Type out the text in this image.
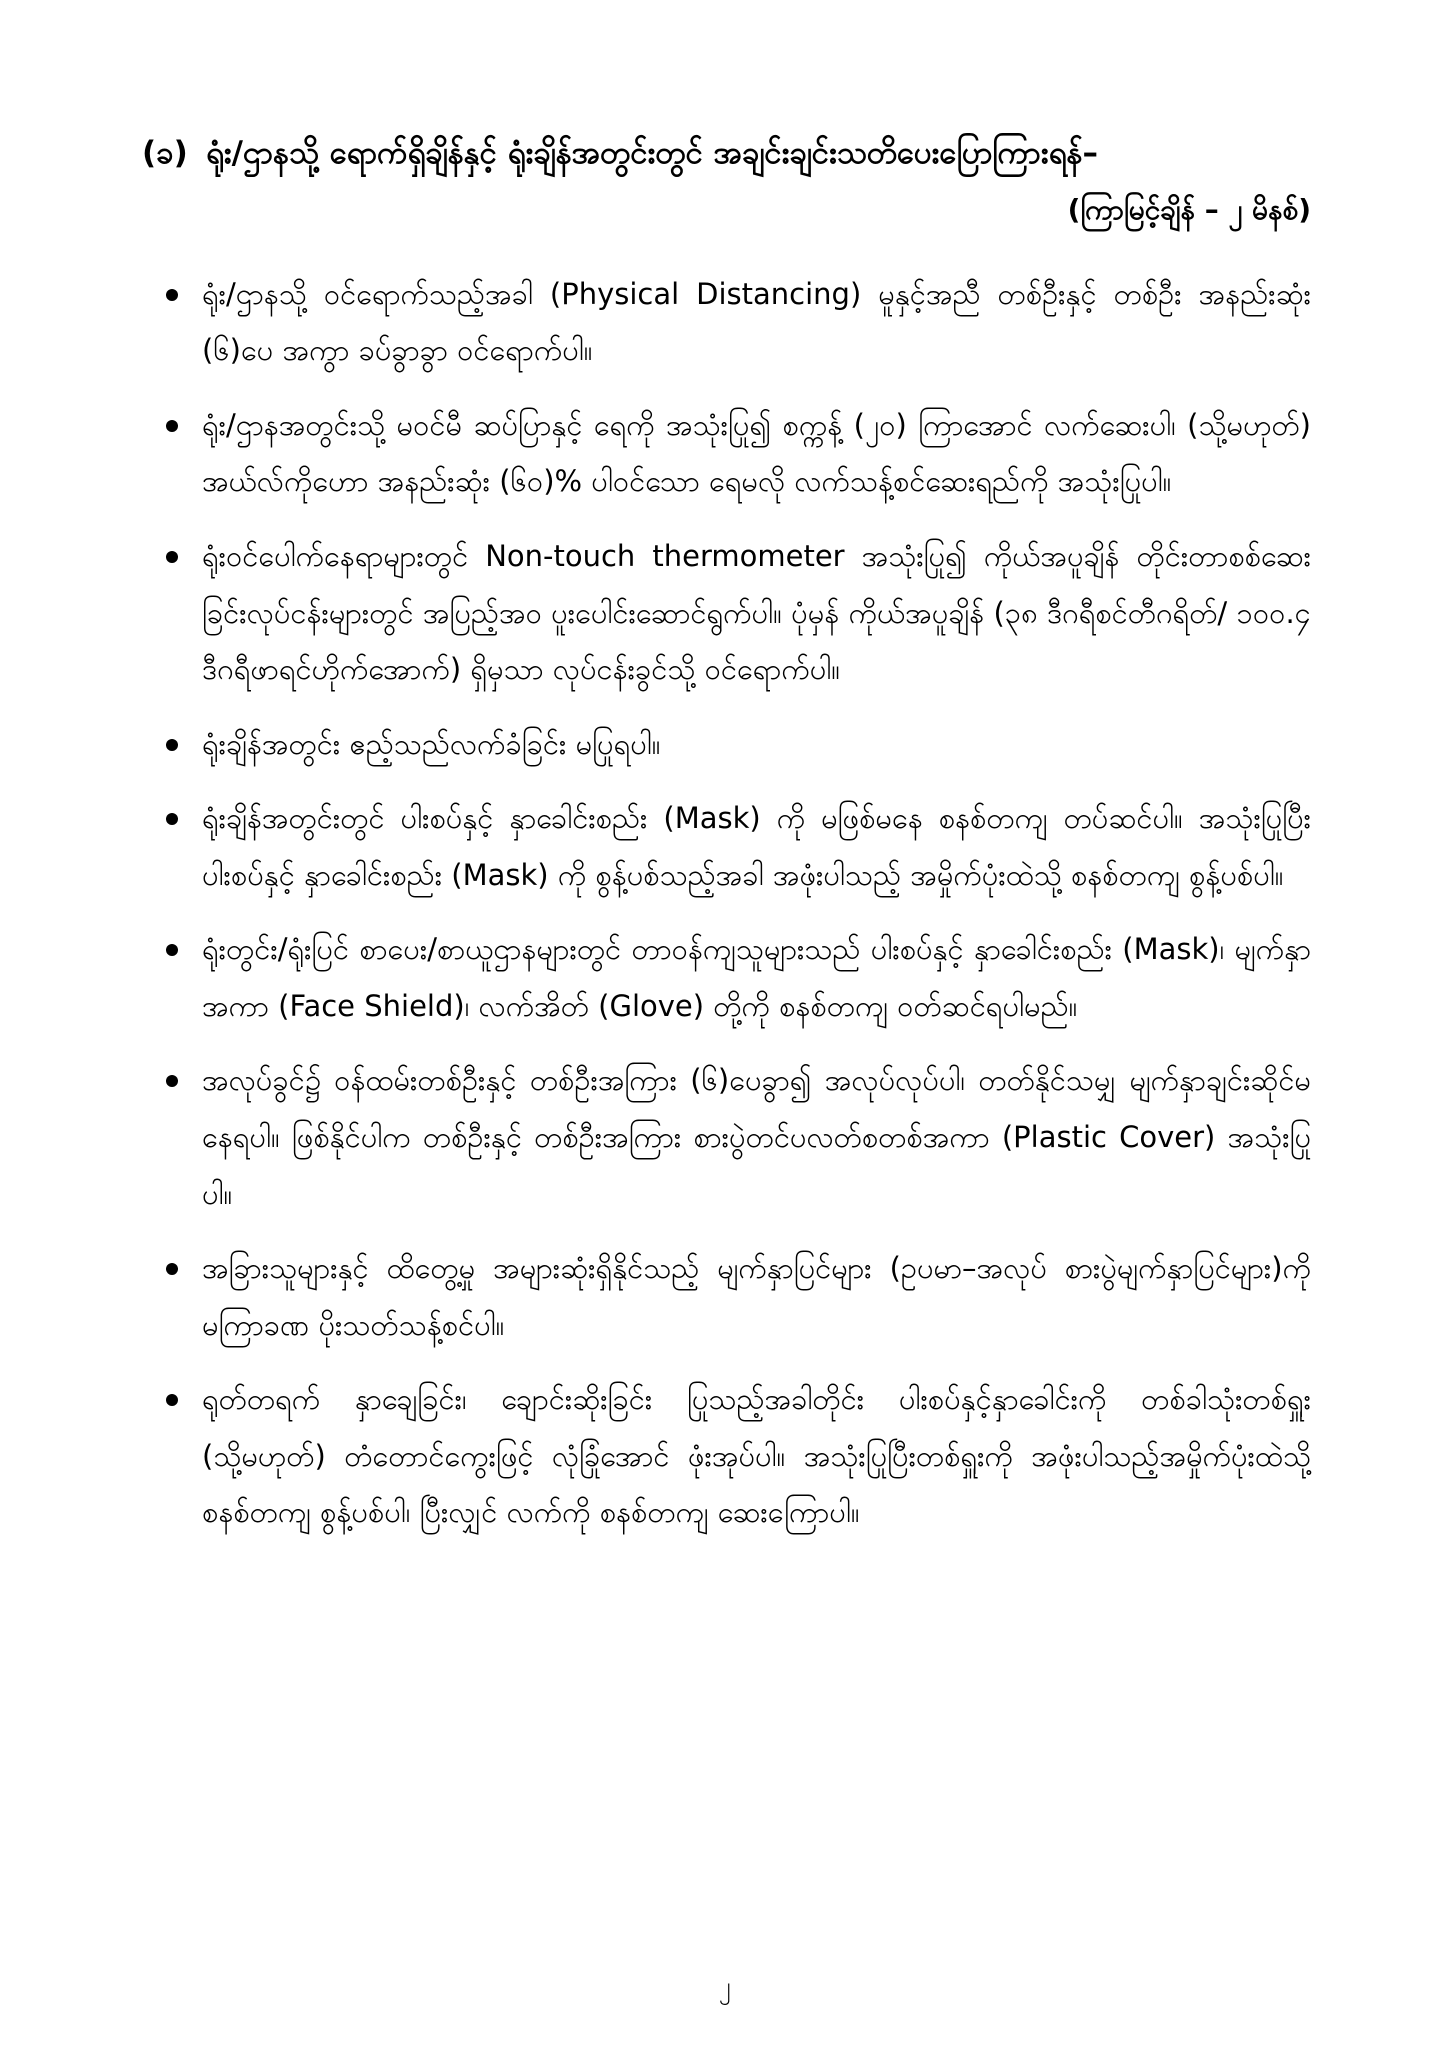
(ခ) ရုံး/ဌာနသို့ ရောက်ရှိချိန်နှင့် ရုံးချိန်အတွင်းတွင် အချင်းချင်းသတိပေးပြောကြားရန်–
(ကြာမြင့်ချိန် – ၂ မိနစ်)
ရုံး/ဌာနသို့ ဝင်ရောက်သည့်အခါ (Physical Distancing) မူနှင့်အညီ တစ်ဦးနှင့် တစ်ဦး အနည်းဆုံး (၆)ပေ အကွာ ခပ်ခွာခွာ ဝင်ရောက်ပါ။
ရုံး/ဌာနအတွင်းသို့ မဝင်မီ ဆပ်ပြာနှင့် ရေကို အသုံးပြု၍ စက္ကန့် (၂၀) ကြာအောင် လက်ဆေးပါ၊ (သို့မဟုတ်) အယ်လ်ကိုဟော အနည်းဆုံး (၆၀)% ပါဝင်သော ရေမလို လက်သန့်စင်ဆေးရည်ကို အသုံးပြုပါ။
ရုံးဝင်ပေါက်နေရာများတွင် Non-touch thermometer အသုံးပြု၍ ကိုယ်အပူချိန် တိုင်းတာစစ်ဆေးခြင်းလုပ်ငန်းများတွင် အပြည့်အဝ ပူးပေါင်းဆောင်ရွက်ပါ။ ပုံမှန် ကိုယ်အပူချိန် (၃၈ ဒီဂရီစင်တီဂရိတ်/ ၁၀၀.၄ ဒီဂရီဖာရင်ဟိုက်အောက်) ရှိမှသာ လုပ်ငန်းခွင်သို့ ဝင်ရောက်ပါ။
ရုံးချိန်အတွင်း ဧည့်သည်လက်ခံခြင်း မပြုရပါ။
ရုံးချိန်အတွင်းတွင် ပါးစပ်နှင့် နှာခေါင်းစည်း (Mask) ကို မဖြစ်မနေ စနစ်တကျ တပ်ဆင်ပါ။ အသုံးပြုပြီး ပါးစပ်နှင့် နှာခေါင်းစည်း (Mask) ကို စွန့်ပစ်သည့်အခါ အဖုံးပါသည့် အမှိုက်ပုံးထဲသို့ စနစ်တကျ စွန့်ပစ်ပါ။
ရုံးတွင်း/ရုံးပြင် စာပေး/စာယူဌာနများတွင် တာဝန်ကျသူများသည် ပါးစပ်နှင့် နှာခေါင်းစည်း (Mask)၊ မျက်နှာအကာ (Face Shield)၊ လက်အိတ် (Glove) တို့ကို စနစ်တကျ ဝတ်ဆင်ရပါမည်။
အလုပ်ခွင်၌ ဝန်ထမ်းတစ်ဦးနှင့် တစ်ဦးအကြား (၆)ပေခွာ၍ အလုပ်လုပ်ပါ၊ တတ်နိုင်သမျှ မျက်နှာချင်းဆိုင်မနေရပါ။ ဖြစ်နိုင်ပါက တစ်ဦးနှင့် တစ်ဦးအကြား စားပွဲတင်ပလတ်စတစ်အကာ (Plastic Cover) အသုံးပြုပါ။
အခြားသူများနှင့် ထိတွေ့မှု အများဆုံးရှိနိုင်သည့် မျက်နှာပြင်များ (ဥပမာ–အလုပ် စားပွဲမျက်နှာပြင်များ)ကို မကြာခဏ ပိုးသတ်သန့်စင်ပါ။
ရုတ်တရက် နှာချေခြင်း၊ ချောင်းဆိုးခြင်း ပြုသည့်အခါတိုင်း ပါးစပ်နှင့်နှာခေါင်းကို တစ်ခါသုံးတစ်ရှူး (သို့မဟုတ်) တံတောင်ကွေးဖြင့် လုံခြုံအောင် ဖုံးအုပ်ပါ။ အသုံးပြုပြီးတစ်ရှူးကို အဖုံးပါသည့်အမှိုက်ပုံးထဲသို့ စနစ်တကျ စွန့်ပစ်ပါ၊ ပြီးလျှင် လက်ကို စနစ်တကျ ဆေးကြောပါ။
၂
